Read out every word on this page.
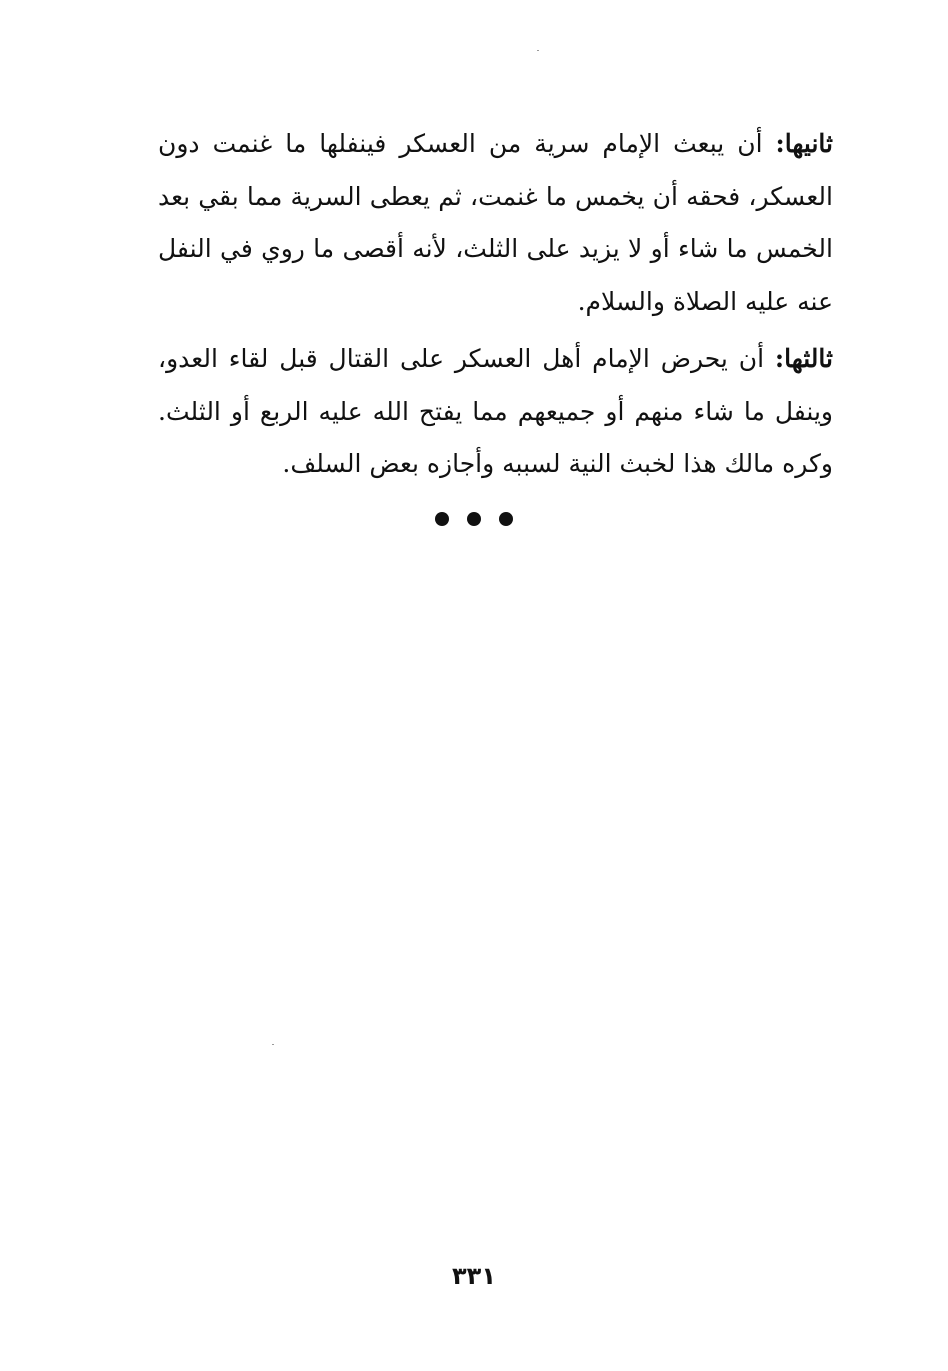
ثانيها: أن يبعث الإمام سرية من العسكر فينفلها ما غنمت دون العسكر، فحقه أن يخمس ما غنمت، ثم يعطى السرية مما بقي بعد الخمس ما شاء أو لا يزيد على الثلث، لأنه أقصى ما روي في النفل عنه عليه الصلاة والسلام.

ثالثها: أن يحرض الإمام أهل العسكر على القتال قبل لقاء العدو، وينفل ما شاء منهم أو جميعهم مما يفتح الله عليه الربع أو الثلث. وكره مالك هذا لخبث النية لسببه وأجازه بعض السلف.

٣٣١
